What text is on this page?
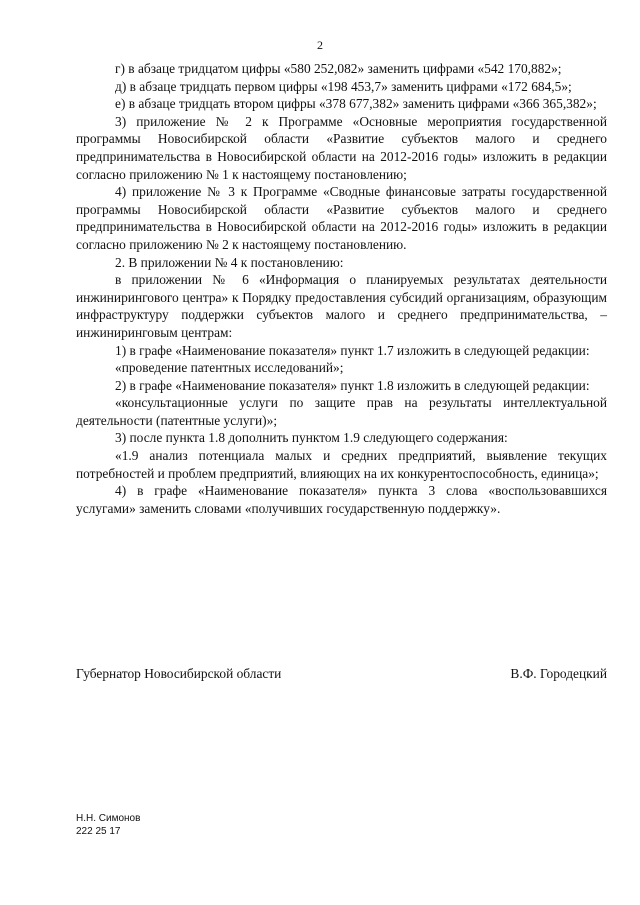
2

г) в абзаце тридцатом цифры «580 252,082» заменить цифрами «542 170,882»;

д) в абзаце тридцать первом цифры «198 453,7» заменить цифрами «172 684,5»;

е) в абзаце тридцать втором цифры «378 677,382» заменить цифрами «366 365,382»;

3) приложение № 2 к Программе «Основные мероприятия государственной программы Новосибирской области «Развитие субъектов малого и среднего предпринимательства в Новосибирской области на 2012-2016 годы» изложить в редакции согласно приложению № 1 к настоящему постановлению;

4) приложение № 3 к Программе «Сводные финансовые затраты государственной программы Новосибирской области «Развитие субъектов малого и среднего предпринимательства в Новосибирской области на 2012-2016 годы» изложить в редакции согласно приложению № 2 к настоящему постановлению.

2. В приложении № 4 к постановлению:

в приложении № 6 «Информация о планируемых результатах деятельности инжинирингового центра» к Порядку предоставления субсидий организациям, образующим инфраструктуру поддержки субъектов малого и среднего предпринимательства, – инжиниринговым центрам:

1) в графе «Наименование показателя» пункт 1.7 изложить в следующей редакции:

«проведение патентных исследований»;

2) в графе «Наименование показателя» пункт 1.8 изложить в следующей редакции:

«консультационные услуги по защите прав на результаты интеллектуальной деятельности (патентные услуги)»;

3) после пункта 1.8 дополнить пунктом 1.9 следующего содержания:

«1.9 анализ потенциала малых и средних предприятий, выявление текущих потребностей и проблем предприятий, влияющих на их конкурентоспособность, единица»;

4) в графе «Наименование показателя» пункта 3 слова «воспользовавшихся услугами» заменить словами «получивших государственную поддержку».

Губернатор Новосибирской области	В.Ф. Городецкий
Н.Н. Симонов
222 25 17
